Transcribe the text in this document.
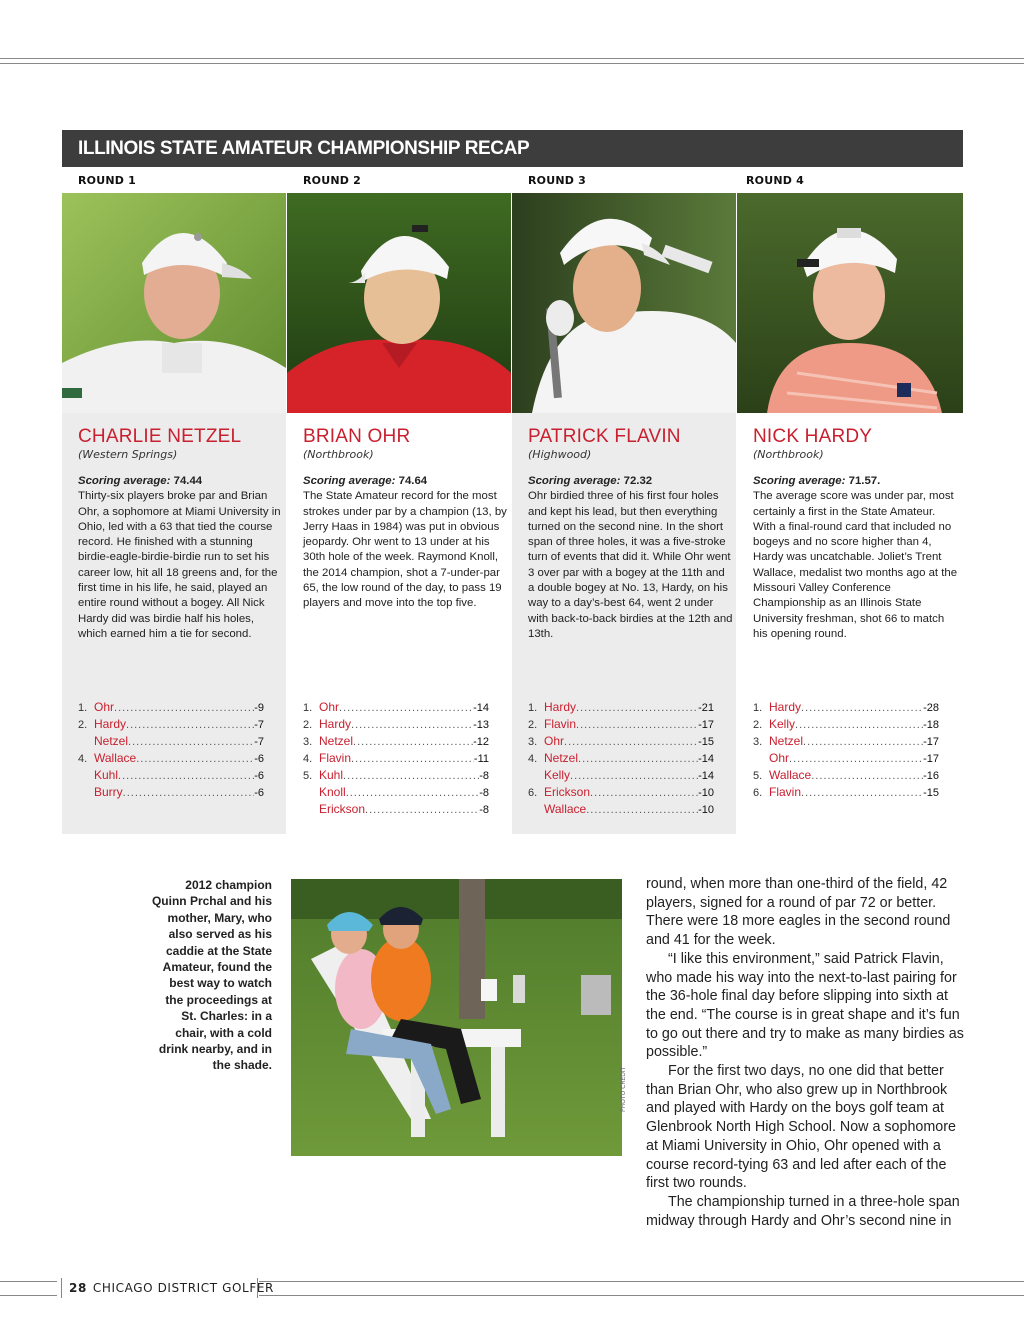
ILLINOIS STATE AMATEUR CHAMPIONSHIP RECAP
ROUND 1	ROUND 2	ROUND 3	ROUND 4
CHARLIE NETZEL
(Western Springs)
Scoring average: 74.44
Thirty-six players broke par and Brian Ohr, a sophomore at Miami University in Ohio, led with a 63 that tied the course record. He finished with a stunning birdie-eagle-birdie-birdie run to set his career low, hit all 18 greens and, for the first time in his life, he said, played an entire round without a bogey. All Nick Hardy did was birdie half his holes, which earned him a tie for second.
1. Ohr .....	-9
2. Hardy .....	-7
Netzel .....	-7
4. Wallace .....	-6
Kuhl .....	-6
Burry .....	-6
BRIAN OHR
(Northbrook)
Scoring average: 74.64
The State Amateur record for the most strokes under par by a champion (13, by Jerry Haas in 1984) was put in obvious jeopardy. Ohr went to 13 under at his 30th hole of the week. Raymond Knoll, the 2014 champion, shot a 7-under-par 65, the low round of the day, to pass 19 players and move into the top five.
1. Ohr .....	-14
2. Hardy .....	-13
3. Netzel .....	-12
4. Flavin .....	-11
5. Kuhl .....	-8
Knoll .....	-8
Erickson .....	-8
PATRICK FLAVIN
(Highwood)
Scoring average: 72.32
Ohr birdied three of his first four holes and kept his lead, but then everything turned on the second nine. In the short span of three holes, it was a five-stroke turn of events that did it. While Ohr went 3 over par with a bogey at the 11th and a double bogey at No. 13, Hardy, on his way to a day’s-best 64, went 2 under with back-to-back birdies at the 12th and 13th.
1. Hardy .....	-21
2. Flavin .....	-17
3. Ohr .....	-15
4. Netzel .....	-14
Kelly .....	-14
6. Erickson .....	-10
Wallace .....	-10
NICK HARDY
(Northbrook)
Scoring average: 71.57.
The average score was under par, most certainly a first in the State Amateur. With a final-round card that included no bogeys and no score higher than 4, Hardy was uncatchable. Joliet’s Trent Wallace, medalist two months ago at the Missouri Valley Conference Championship as an Illinois State University freshman, shot 66 to match his opening round.
1. Hardy .....	-28
2. Kelly .....	-18
3. Netzel .....	-17
Ohr .....	-17
5. Wallace .....	-16
6. Flavin .....	-15
2012 champion Quinn Prchal and his mother, Mary, who also served as his caddie at the State Amateur, found the best way to watch the proceedings at St. Charles: in a chair, with a cold drink nearby, and in the shade.
PHOTO CREDIT

round, when more than one-third of the field, 42 players, signed for a round of par 72 or better. There were 18 more eagles in the second round and 41 for the week.

“I like this environment,” said Patrick Flavin, who made his way into the next-to-last pairing for the 36-hole final day before slipping into sixth at the end. “The course is in great shape and it’s fun to go out there and try to make as many birdies as possible.”

For the first two days, no one did that better than Brian Ohr, who also grew up in Northbrook and played with Hardy on the boys golf team at Glenbrook North High School. Now a sophomore at Miami University in Ohio, Ohr opened with a course record-tying 63 and led after each of the first two rounds.

The championship turned in a three-hole span midway through Hardy and Ohr’s second nine in

28 CHICAGO DISTRICT GOLFER
